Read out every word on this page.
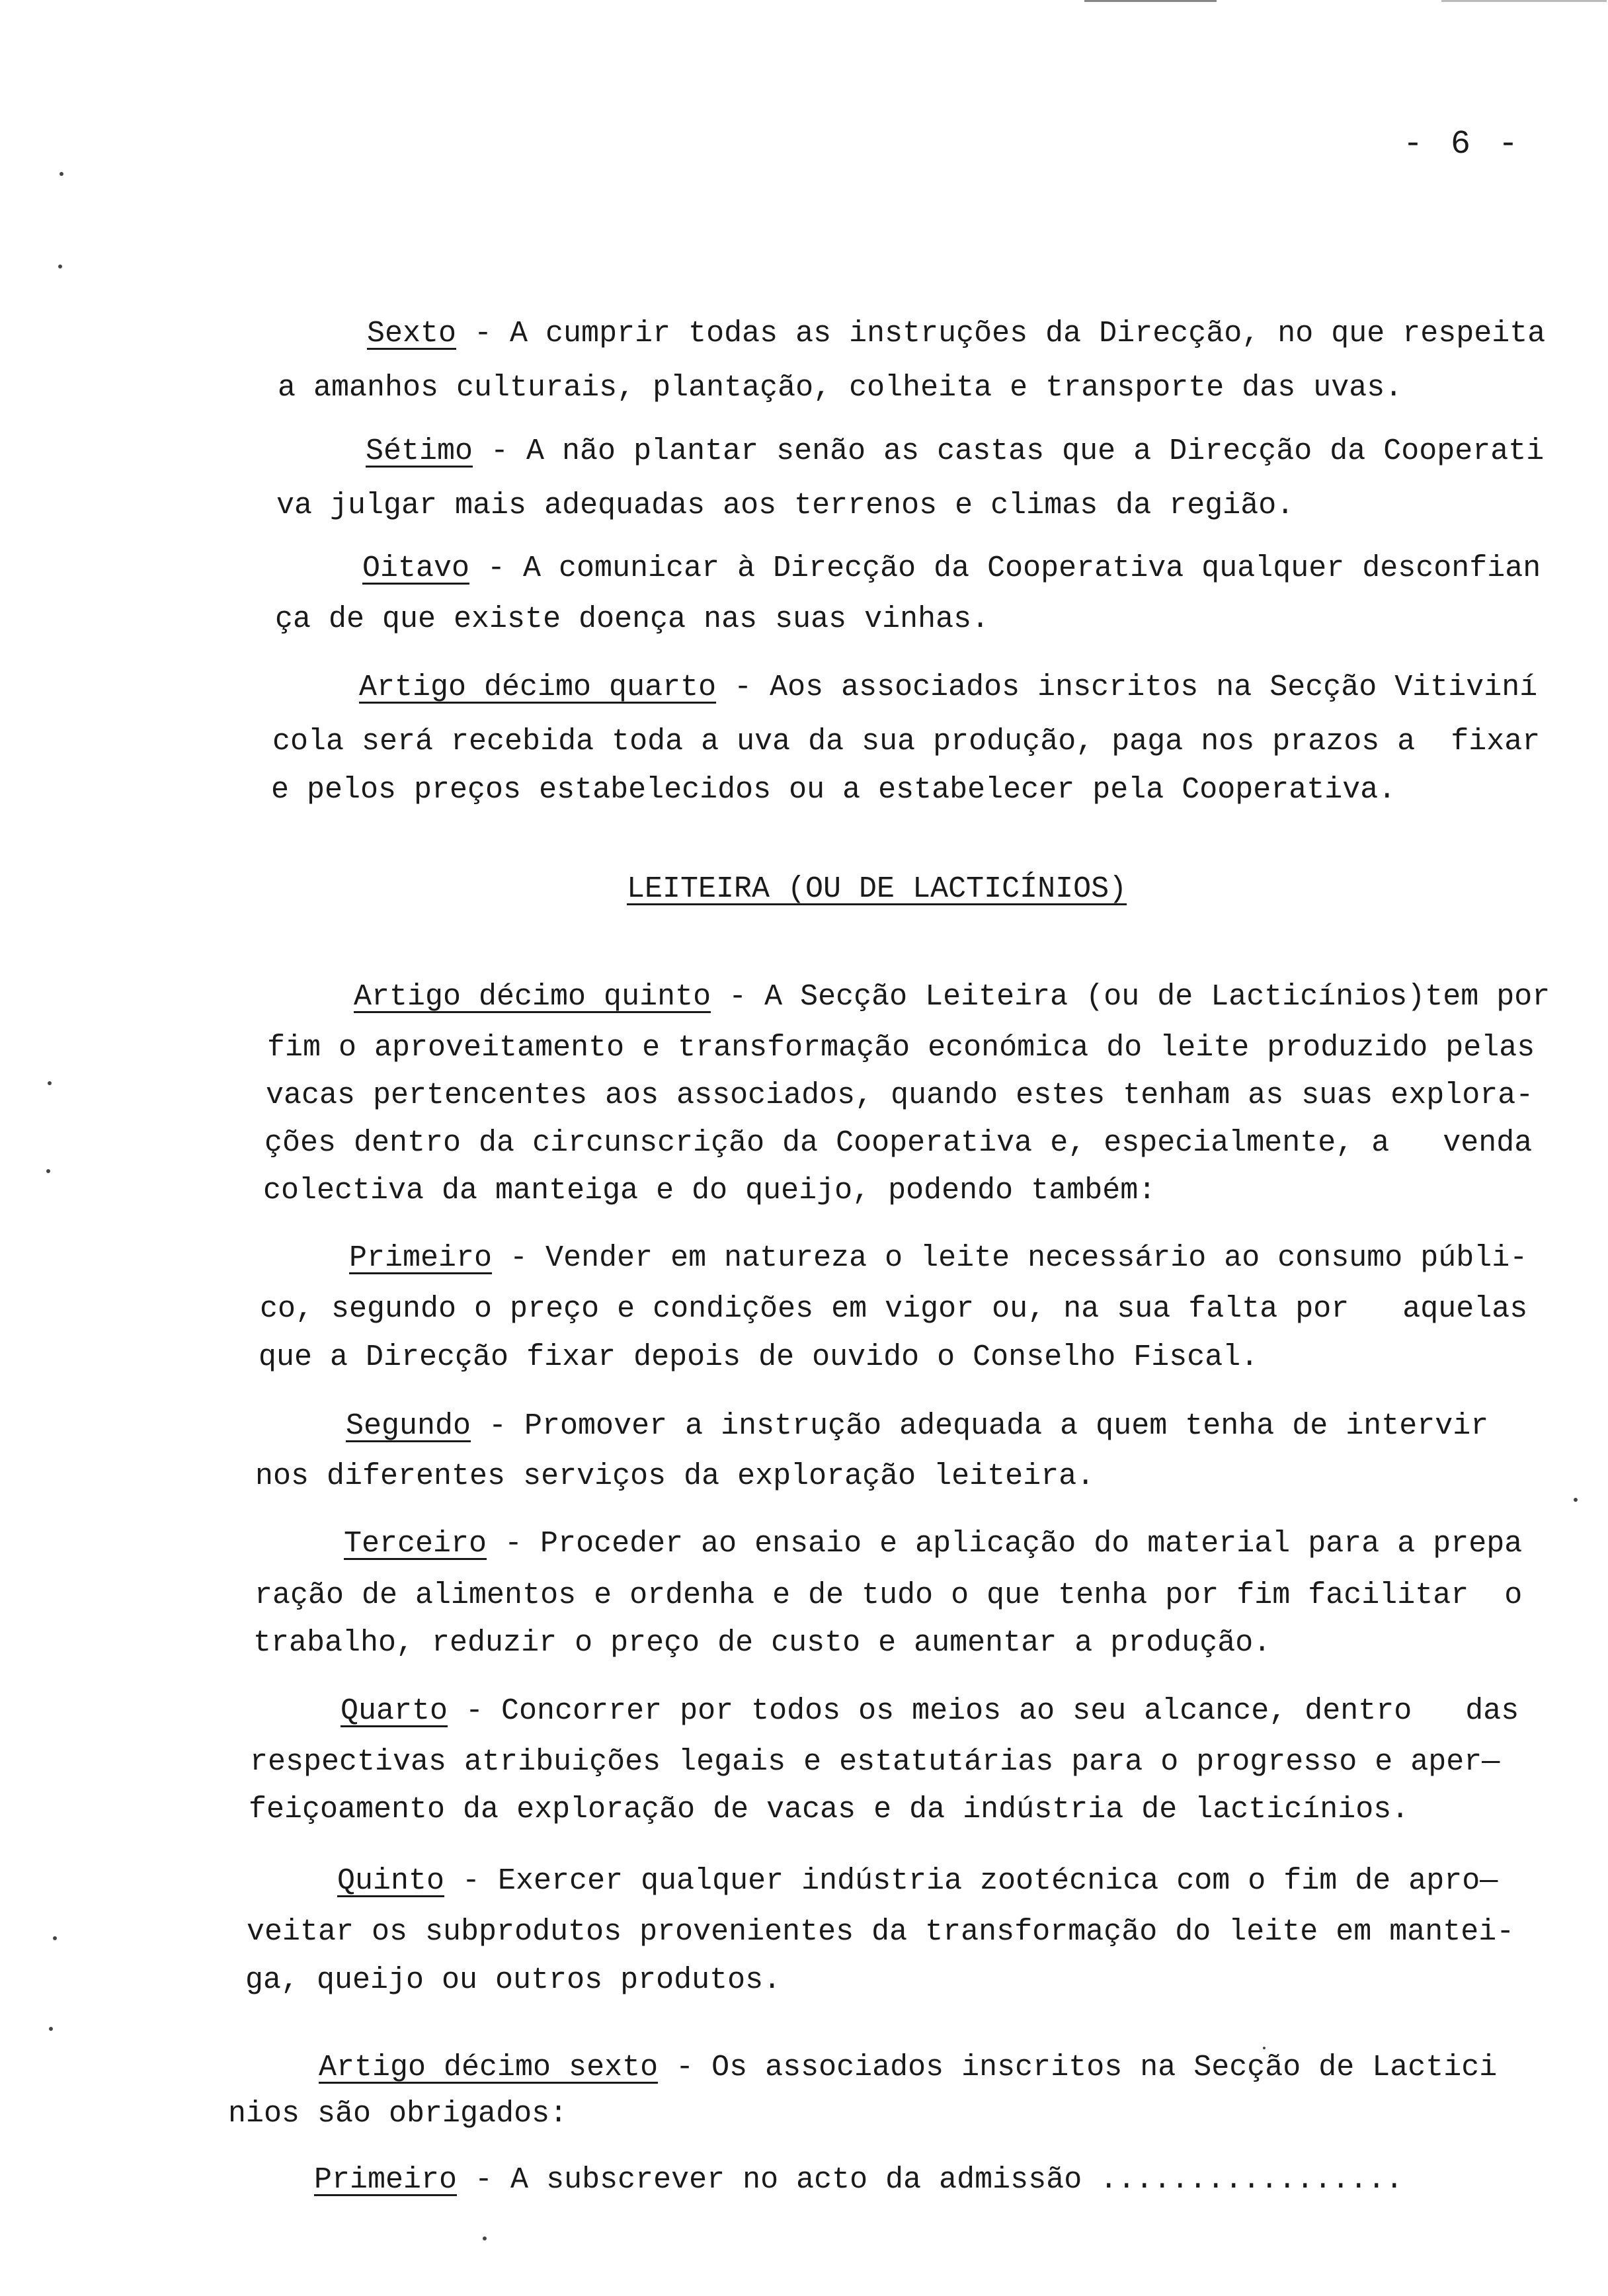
- 6 -
Sexto - A cumprir todas as instruções da Direcção, no que respeita
a amanhos culturais, plantação, colheita e transporte das uvas.
Sétimo - A não plantar senão as castas que a Direcção da Cooperati
va julgar mais adequadas aos terrenos e climas da região.
Oitavo - A comunicar à Direcção da Cooperativa qualquer desconfian
ça de que existe doença nas suas vinhas.
Artigo décimo quarto - Aos associados inscritos na Secção Vitiviní
cola será recebida toda a uva da sua produção, paga nos prazos a  fixar
e pelos preços estabelecidos ou a estabelecer pela Cooperativa.
LEITEIRA (OU DE LACTICÍNIOS)
Artigo décimo quinto - A Secção Leiteira (ou de Lacticínios)tem por
fim o aproveitamento e transformação económica do leite produzido pelas
vacas pertencentes aos associados, quando estes tenham as suas explora-
ções dentro da circunscrição da Cooperativa e, especialmente, a   venda
colectiva da manteiga e do queijo, podendo também:
Primeiro - Vender em natureza o leite necessário ao consumo públi-
co, segundo o preço e condições em vigor ou, na sua falta por   aquelas
que a Direcção fixar depois de ouvido o Conselho Fiscal.
Segundo - Promover a instrução adequada a quem tenha de intervir
nos diferentes serviços da exploração leiteira.
Terceiro - Proceder ao ensaio e aplicação do material para a prepa
ração de alimentos e ordenha e de tudo o que tenha por fim facilitar  o
trabalho, reduzir o preço de custo e aumentar a produção.
Quarto - Concorrer por todos os meios ao seu alcance, dentro   das
respectivas atribuições legais e estatutárias para o progresso e aper—
feiçoamento da exploração de vacas e da indústria de lacticínios.
Quinto - Exercer qualquer indústria zootécnica com o fim de apro—
veitar os subprodutos provenientes da transformação do leite em mantei-
ga, queijo ou outros produtos.
Artigo décimo sexto - Os associados inscritos na Secção de Lactici
nios são obrigados:
Primeiro - A subscrever no acto da admissão .................
